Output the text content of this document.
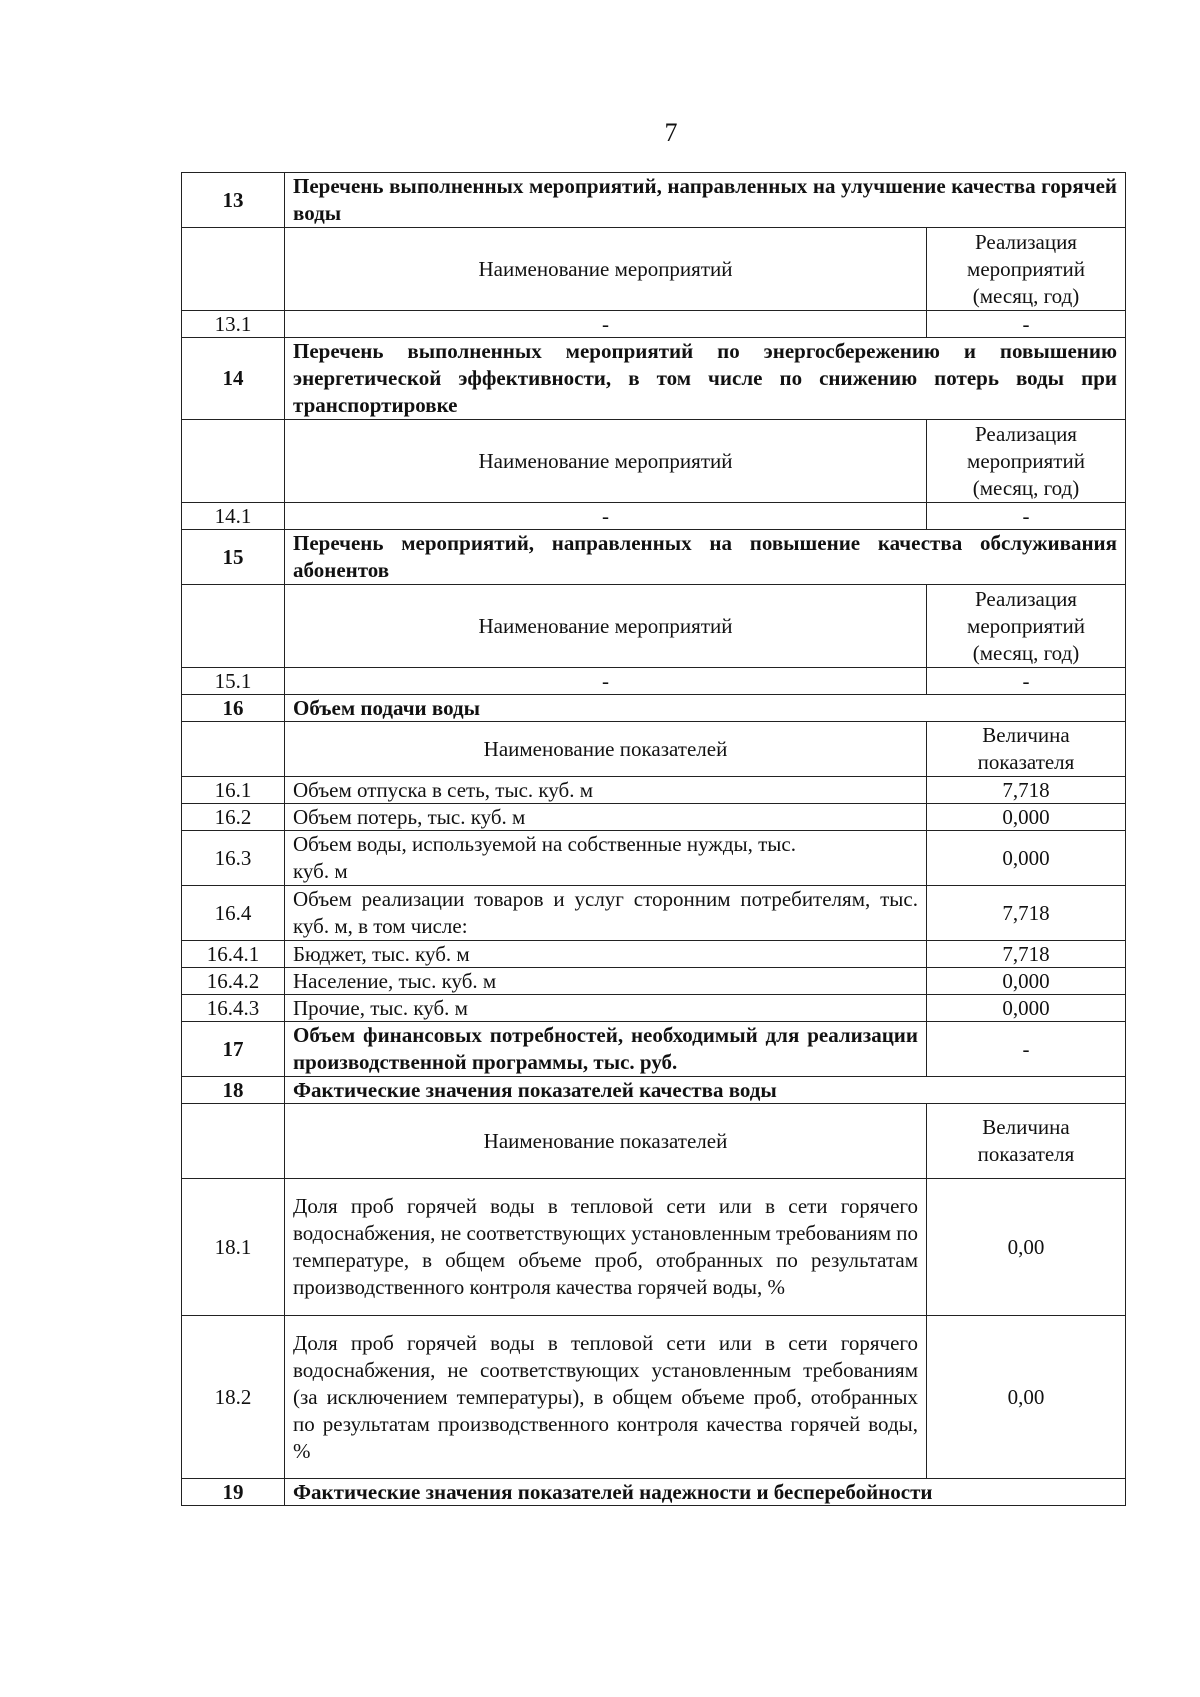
7
13	Перечень выполненных мероприятий, направленных на улучшение качества горячей воды	
	Наименование мероприятий	Реализация мероприятий (месяц, год)
13.1	-	-
14	Перечень выполненных мероприятий по энергосбережению и повышению энергетической эффективности, в том числе по снижению потерь воды при транспортировке	
	Наименование мероприятий	Реализация мероприятий (месяц, год)
14.1	-	-
15	Перечень мероприятий, направленных на повышение качества обслуживания абонентов	
	Наименование мероприятий	Реализация мероприятий (месяц, год)
15.1	-	-
16	Объем подачи воды	
	Наименование показателей	Величина показателя
16.1	Объем отпуска в сеть, тыс. куб. м	7,718
16.2	Объем потерь, тыс. куб. м	0,000
16.3	Объем воды, используемой на собственные нужды, тыс. куб. м	0,000
16.4	Объем реализации товаров и услуг сторонним потребителям, тыс. куб. м, в том числе:	7,718
16.4.1	Бюджет, тыс. куб. м	7,718
16.4.2	Население, тыс. куб. м	0,000
16.4.3	Прочие, тыс. куб. м	0,000
17	Объем финансовых потребностей, необходимый для реализации производственной программы, тыс. руб.	-
18	Фактические значения показателей качества воды	
	Наименование показателей	Величина показателя
18.1	Доля проб горячей воды в тепловой сети или в сети горячего водоснабжения, не соответствующих установленным требованиям по температуре, в общем объеме проб, отобранных по результатам производственного контроля качества горячей воды, %	0,00
18.2	Доля проб горячей воды в тепловой сети или в сети горячего водоснабжения, не соответствующих установленным требованиям (за исключением температуры), в общем объеме проб, отобранных по результатам производственного контроля качества горячей воды, %	0,00
19	Фактические значения показателей надежности и бесперебойности	
